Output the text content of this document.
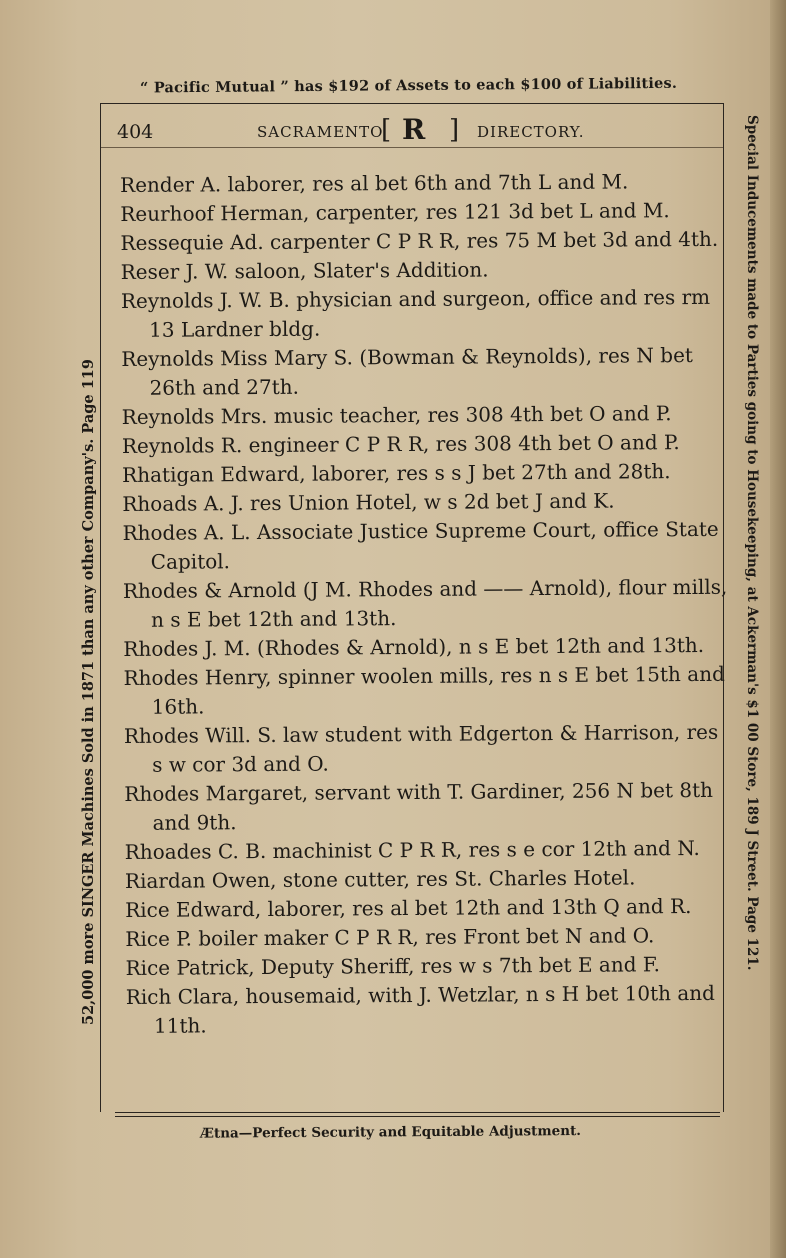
“ Pacific Mutual ” has $192 of Assets to each $100 of Liabilities.
52,000 more SINGER Machines Sold in 1871 than any other Company's. Page 119	Special Inducements made to Parties going to Housekeeping, at Ackerman's $1 00 Store, 189 J Street. Page 121.
404	SACRAMENTO
[ R ] DIRECTORY.

Render A. laborer, res al bet 6th and 7th L and M.

Reurhoof Herman, carpenter, res 121 3d bet L and M.

Ressequie Ad. carpenter C P R R, res 75 M bet 3d and 4th.

Reser J. W. saloon, Slater's Addition.

Reynolds J. W. B. physician and surgeon, office and res rm 13 Lardner bldg.

Reynolds Miss Mary S. (Bowman & Reynolds), res N bet 26th and 27th.

Reynolds Mrs. music teacher, res 308 4th bet O and P.

Reynolds R. engineer C P R R, res 308 4th bet O and P.

Rhatigan Edward, laborer, res s s J bet 27th and 28th.

Rhoads A. J. res Union Hotel, w s 2d bet J and K.

Rhodes A. L. Associate Justice Supreme Court, office State Capitol.

Rhodes & Arnold (J M. Rhodes and —— Arnold), flour mills, n s E bet 12th and 13th.

Rhodes J. M. (Rhodes & Arnold), n s E bet 12th and 13th.

Rhodes Henry, spinner woolen mills, res n s E bet 15th and 16th.

Rhodes Will. S. law student with Edgerton & Harrison, res s w cor 3d and O.

Rhodes Margaret, servant with T. Gardiner, 256 N bet 8th and 9th.

Rhoades C. B. machinist C P R R, res s e cor 12th and N.

Riardan Owen, stone cutter, res St. Charles Hotel.

Rice Edward, laborer, res al bet 12th and 13th Q and R.

Rice P. boiler maker C P R R, res Front bet N and O.

Rice Patrick, Deputy Sheriff, res w s 7th bet E and F.

Rich Clara, housemaid, with J. Wetzlar, n s H bet 10th and 11th.

Ætna—Perfect Security and Equitable Adjustment.
